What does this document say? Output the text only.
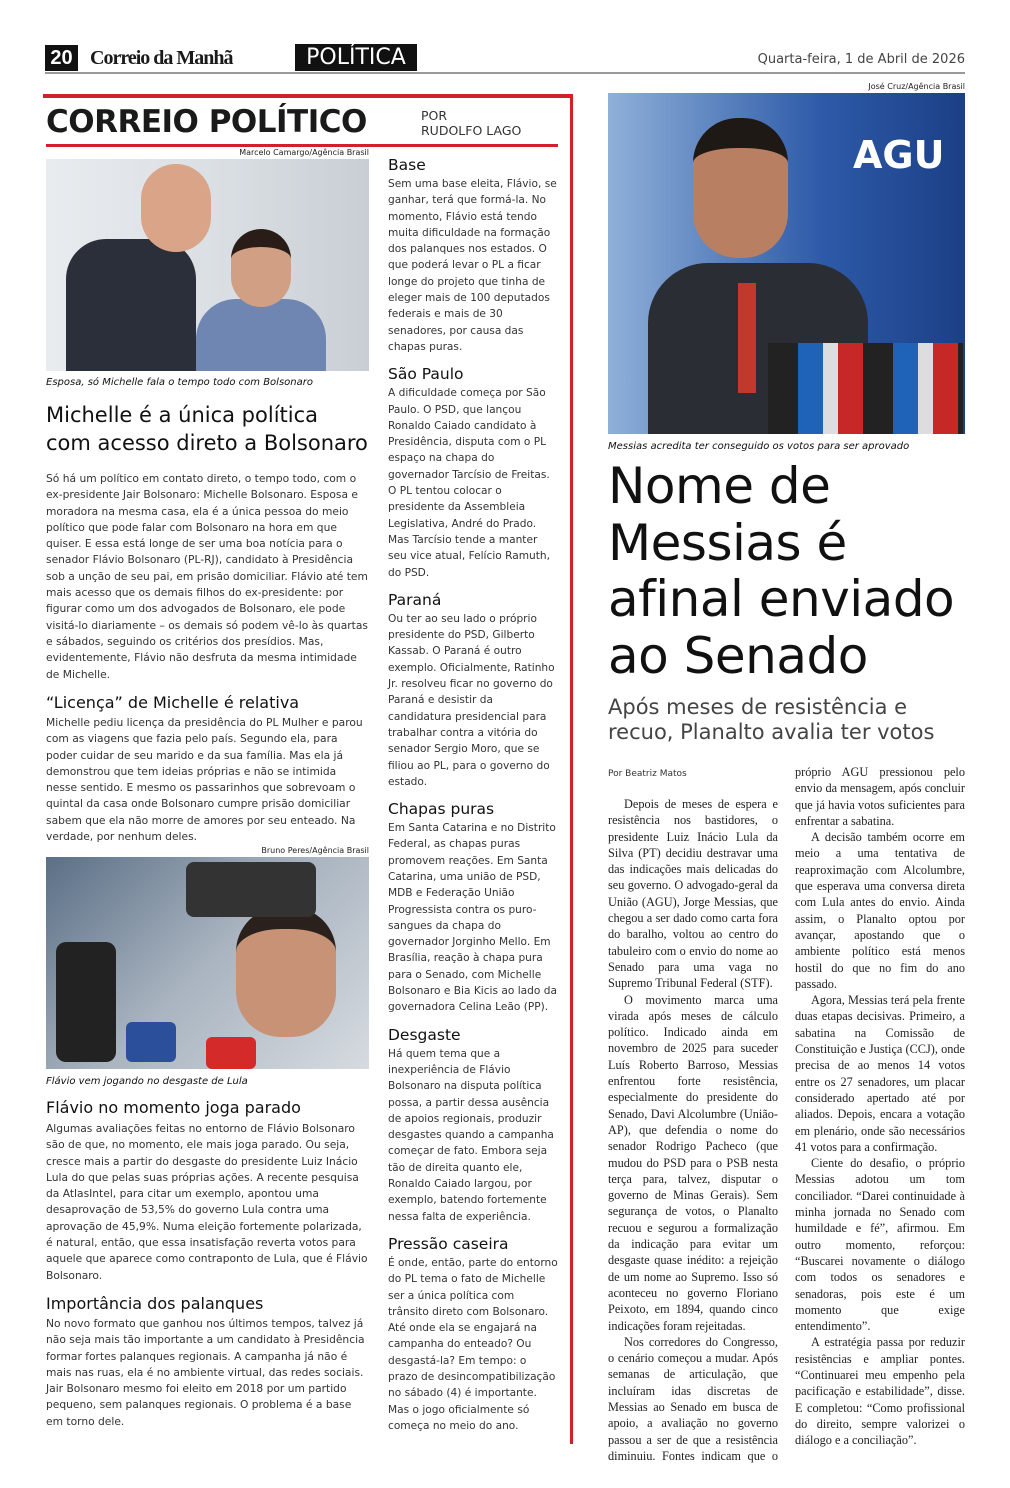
20 Correio da Manhã	POLÍTICA	Quarta-feira, 1 de Abril de 2026
CORREIO POLÍTICO	POR
RUDOLFO LAGO
Marcelo Camargo/Agência Brasil
Esposa, só Michelle fala o tempo todo com Bolsonaro
Michelle é a única política com acesso direto a Bolsonaro
Só há um político em contato direto, o tempo todo, com o ex-presidente Jair Bolsonaro: Michelle Bolsonaro. Esposa e moradora na mesma casa, ela é a única pessoa do meio político que pode falar com Bolsonaro na hora em que quiser. E essa está longe de ser uma boa notícia para o senador Flávio Bolsonaro (PL-RJ), candidato à Presidência sob a unção de seu pai, em prisão domiciliar. Flávio até tem mais acesso que os demais filhos do ex-presidente: por figurar como um dos advogados de Bolsonaro, ele pode visitá-lo diariamente – os demais só podem vê-lo às quartas e sábados, seguindo os critérios dos presídios. Mas, evidentemente, Flávio não desfruta da mesma intimidade de Michelle.
“Licença” de Michelle é relativa
Michelle pediu licença da presidência do PL Mulher e parou com as viagens que fazia pelo país. Segundo ela, para poder cuidar de seu marido e da sua família. Mas ela já demonstrou que tem ideias próprias e não se intimida nesse sentido. E mesmo os passarinhos que sobrevoam o quintal da casa onde Bolsonaro cumpre prisão domiciliar sabem que ela não morre de amores por seu enteado. Na verdade, por nenhum deles.
Bruno Peres/Agência Brasil
Flávio vem jogando no desgaste de Lula
Flávio no momento joga parado
Algumas avaliações feitas no entorno de Flávio Bolsonaro são de que, no momento, ele mais joga parado. Ou seja, cresce mais a partir do desgaste do presidente Luiz Inácio Lula do que pelas suas próprias ações. A recente pesquisa da AtlasIntel, para citar um exemplo, apontou uma desaprovação de 53,5% do governo Lula contra uma aprovação de 45,9%. Numa eleição fortemente polarizada, é natural, então, que essa insatisfação reverta votos para aquele que aparece como contraponto de Lula, que é Flávio Bolsonaro.
Importância dos palanques
No novo formato que ganhou nos últimos tempos, talvez já não seja mais tão importante a um candidato à Presidência formar fortes palanques regionais. A campanha já não é mais nas ruas, ela é no ambiente virtual, das redes sociais. Jair Bolsonaro mesmo foi eleito em 2018 por um partido pequeno, sem palanques regionais. O problema é a base em torno dele.
Base
Sem uma base eleita, Flávio, se ganhar, terá que formá-la. No momento, Flávio está tendo muita dificuldade na formação dos palanques nos estados. O que poderá levar o PL a ficar longe do projeto que tinha de eleger mais de 100 deputados federais e mais de 30 senadores, por causa das chapas puras.
São Paulo
A dificuldade começa por São Paulo. O PSD, que lançou Ronaldo Caiado candidato à Presidência, disputa com o PL espaço na chapa do governador Tarcísio de Freitas. O PL tentou colocar o presidente da Assembleia Legislativa, André do Prado. Mas Tarcísio tende a manter seu vice atual, Felício Ramuth, do PSD.
Paraná
Ou ter ao seu lado o próprio presidente do PSD, Gilberto Kassab. O Paraná é outro exemplo. Oficialmente, Ratinho Jr. resolveu ficar no governo do Paraná e desistir da candidatura presidencial para trabalhar contra a vitória do senador Sergio Moro, que se filiou ao PL, para o governo do estado.
Chapas puras
Em Santa Catarina e no Distrito Federal, as chapas puras promovem reações. Em Santa Catarina, uma união de PSD, MDB e Federação União Progressista contra os puro-sangues da chapa do governador Jorginho Mello. Em Brasília, reação à chapa pura para o Senado, com Michelle Bolsonaro e Bia Kicis ao lado da governadora Celina Leão (PP).
Desgaste
Há quem tema que a inexperiência de Flávio Bolsonaro na disputa política possa, a partir dessa ausência de apoios regionais, produzir desgastes quando a campanha começar de fato. Embora seja tão de direita quanto ele, Ronaldo Caiado largou, por exemplo, batendo fortemente nessa falta de experiência.
Pressão caseira
É onde, então, parte do entorno do PL tema o fato de Michelle ser a única política com trânsito direto com Bolsonaro. Até onde ela se engajará na campanha do enteado? Ou desgastá-la? Em tempo: o prazo de desincompatibilização no sábado (4) é importante. Mas o jogo oficialmente só começa no meio do ano.
José Cruz/Agência Brasil
AGU
Messias acredita ter conseguido os votos para ser aprovado
Nome de Messias é afinal enviado ao Senado
Após meses de resistência e recuo, Planalto avalia ter votos
Por Beatriz Matos

Depois de meses de espera e resistência nos bastidores, o presidente Luiz Inácio Lula da Silva (PT) decidiu destravar uma das indicações mais delicadas do seu governo. O advogado-geral da União (AGU), Jorge Messias, que chegou a ser dado como carta fora do baralho, voltou ao centro do tabuleiro com o envio do nome ao Senado para uma vaga no Supremo Tribunal Federal (STF).

O movimento marca uma virada após meses de cálculo político. Indicado ainda em novembro de 2025 para suceder Luís Roberto Barroso, Messias enfrentou forte resistência, especialmente do presidente do Senado, Davi Alcolumbre (União-AP), que defendia o nome do senador Rodrigo Pacheco (que mudou do PSD para o PSB nesta terça para, talvez, disputar o governo de Minas Gerais). Sem segurança de votos, o Planalto recuou e segurou a formalização da indicação para evitar um desgaste quase inédito: a rejeição de um nome ao Supremo. Isso só aconteceu no governo Floriano Peixoto, em 1894, quando cinco indicações foram rejeitadas.

Nos corredores do Congresso, o cenário começou a mudar. Após semanas de articulação, que incluíram idas discretas de Messias ao Senado em busca de apoio, a avaliação no governo passou a ser de que a resistência diminuiu. Fontes indicam que o próprio AGU pressionou pelo envio da mensagem, após concluir que já havia votos suficientes para enfrentar a sabatina.

A decisão também ocorre em meio a uma tentativa de reaproximação com Alcolumbre, que esperava uma conversa direta com Lula antes do envio. Ainda assim, o Planalto optou por avançar, apostando que o ambiente político está menos hostil do que no fim do ano passado.

Agora, Messias terá pela frente duas etapas decisivas. Primeiro, a sabatina na Comissão de Constituição e Justiça (CCJ), onde precisa de ao menos 14 votos entre os 27 senadores, um placar considerado apertado até por aliados. Depois, encara a votação em plenário, onde são necessários 41 votos para a confirmação.

Ciente do desafio, o próprio Messias adotou um tom conciliador. “Darei continuidade à minha jornada no Senado com humildade e fé”, afirmou. Em outro momento, reforçou: “Buscarei novamente o diálogo com todos os senadores e senadoras, pois este é um momento que exige entendimento”.

A estratégia passa por reduzir resistências e ampliar pontes. “Continuarei meu empenho pela pacificação e estabilidade”, disse. E completou: “Como profissional do direito, sempre valorizei o diálogo e a conciliação”.
